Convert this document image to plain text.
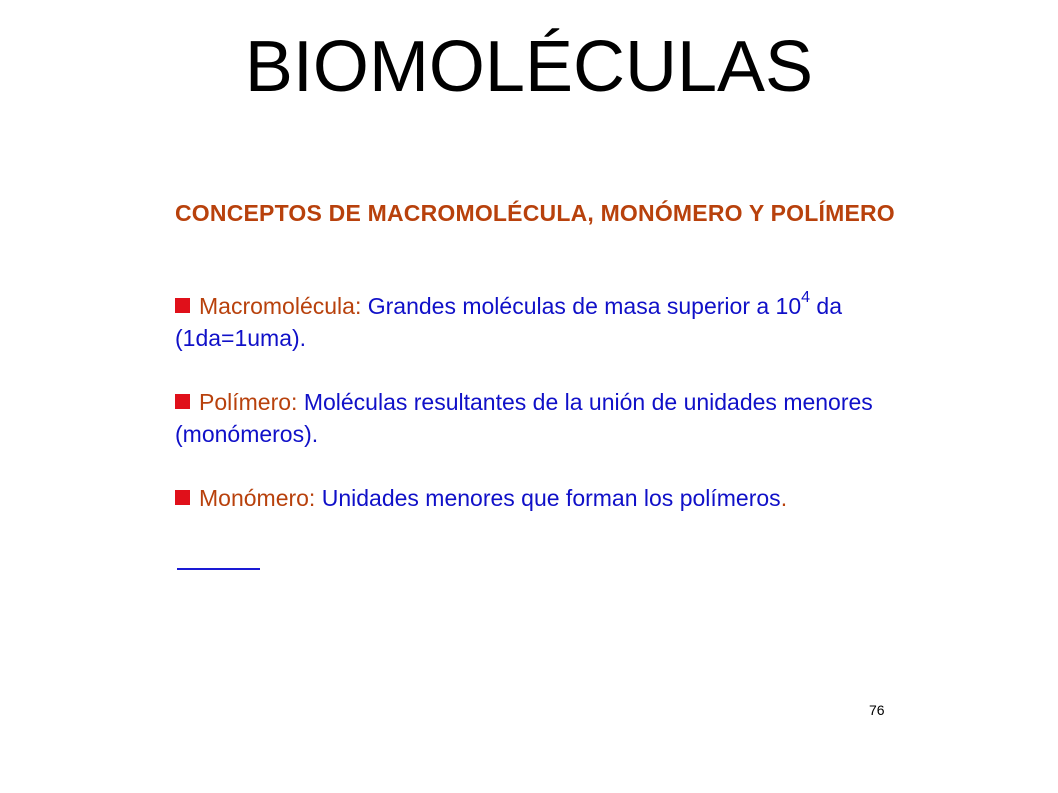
BIOMOLÉCULAS
CONCEPTOS DE MACROMOLÉCULA, MONÓMERO Y POLÍMERO
Macromolécula: Grandes moléculas de masa superior a $10^4$ da (1da=1uma).
Polímero: Moléculas resultantes de la unión de unidades menores (monómeros).
Monómero: Unidades menores que forman los polímeros.
76
